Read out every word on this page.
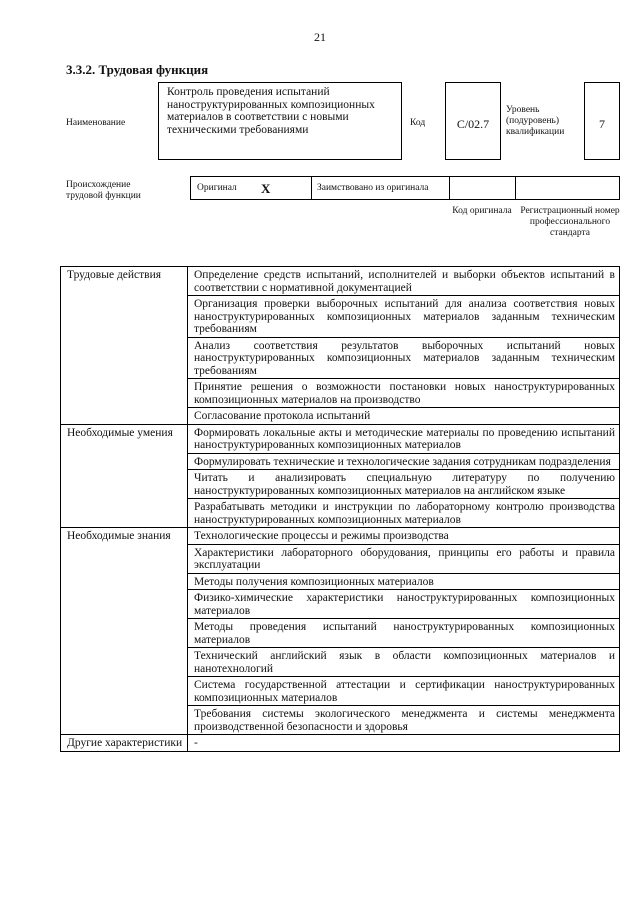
21
3.3.2. Трудовая функция
Наименование
Контроль проведения испытаний наноструктурированных композиционных материалов в соответствии с новыми техническими требованиями
Код	C/02.7
Уровень (подуровень) квалификации
7
Происхождение трудовой функции
Оригинал X	Заимствовано из оригинала
Код оригинала Регистрационный номер профессионального стандарта
Трудовые действия	Определение средств испытаний, исполнителей и выборки объектов испытаний в соответствии с нормативной документацией
	Организация проверки выборочных испытаний для анализа соответствия новых наноструктурированных композиционных материалов заданным техническим требованиям
	Анализ соответствия результатов выборочных испытаний новых наноструктурированных композиционных материалов заданным техническим требованиям
	Принятие решения о возможности постановки новых наноструктурированных композиционных материалов на производство
	Согласование протокола испытаний
Необходимые умения	Формировать локальные акты и методические материалы по проведению испытаний наноструктурированных композиционных материалов
	Формулировать технические и технологические задания сотрудникам подразделения
	Читать и анализировать специальную литературу по получению наноструктурированных композиционных материалов на английском языке
	Разрабатывать методики и инструкции по лабораторному контролю производства наноструктурированных композиционных материалов
Необходимые знания	Технологические процессы и режимы производства
	Характеристики лабораторного оборудования, принципы его работы и правила эксплуатации
	Методы получения композиционных материалов
	Физико-химические характеристики наноструктурированных композиционных материалов
	Методы проведения испытаний наноструктурированных композиционных материалов
	Технический английский язык в области композиционных материалов и нанотехнологий
	Система государственной аттестации и сертификации наноструктурированных композиционных материалов
	Требования системы экологического менеджмента и системы менеджмента производственной безопасности и здоровья
Другие характеристики	-
